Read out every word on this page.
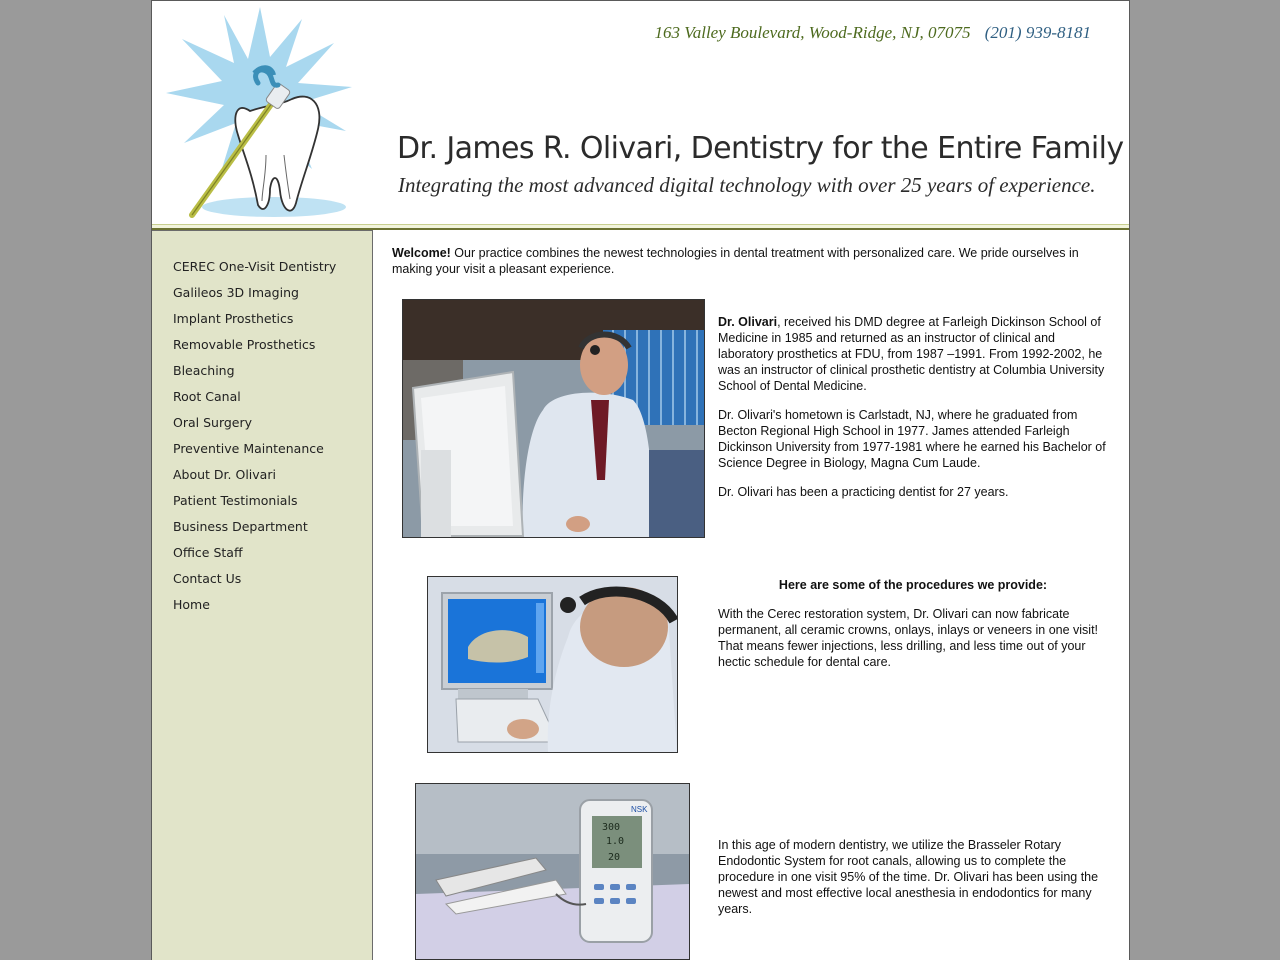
163 Valley Boulevard, Wood-Ridge, NJ, 07075 (201) 939-8181
Dr. James R. Olivari, Dentistry for the Entire Family
Integrating the most advanced digital technology with over 25 years of experience.
CEREC One-Visit Dentistry
Galileos 3D Imaging
Implant Prosthetics
Removable Prosthetics
Bleaching
Root Canal
Oral Surgery
Preventive Maintenance
About Dr. Olivari
Patient Testimonials
Business Department
Office Staff
Contact Us
Home
Welcome! Our practice combines the newest technologies in dental treatment with personalized care. We pride ourselves in making your visit a pleasant experience.

Dr. Olivari, received his DMD degree at Farleigh Dickinson School of Medicine in 1985 and returned as an instructor of clinical and laboratory prosthetics at FDU, from 1987 –1991. From 1992-2002, he was an instructor of clinical prosthetic dentistry at Columbia University School of Dental Medicine.

Dr. Olivari's hometown is Carlstadt, NJ, where he graduated from Becton Regional High School in 1977. James attended Farleigh Dickinson University from 1977-1981 where he earned his Bachelor of Science Degree in Biology, Magna Cum Laude.

Dr. Olivari has been a practicing dentist for 27 years.

Here are some of the procedures we provide:

With the Cerec restoration system, Dr. Olivari can now fabricate permanent, all ceramic crowns, onlays, inlays or veneers in one visit! That means fewer injections, less drilling, and less time out of your hectic schedule for dental care.

NSK
300
1.0
20

In this age of modern dentistry, we utilize the Brasseler Rotary Endodontic System for root canals, allowing us to complete the procedure in one visit 95% of the time. Dr. Olivari has been using the newest and most effective local anesthesia in endodontics for many years.
